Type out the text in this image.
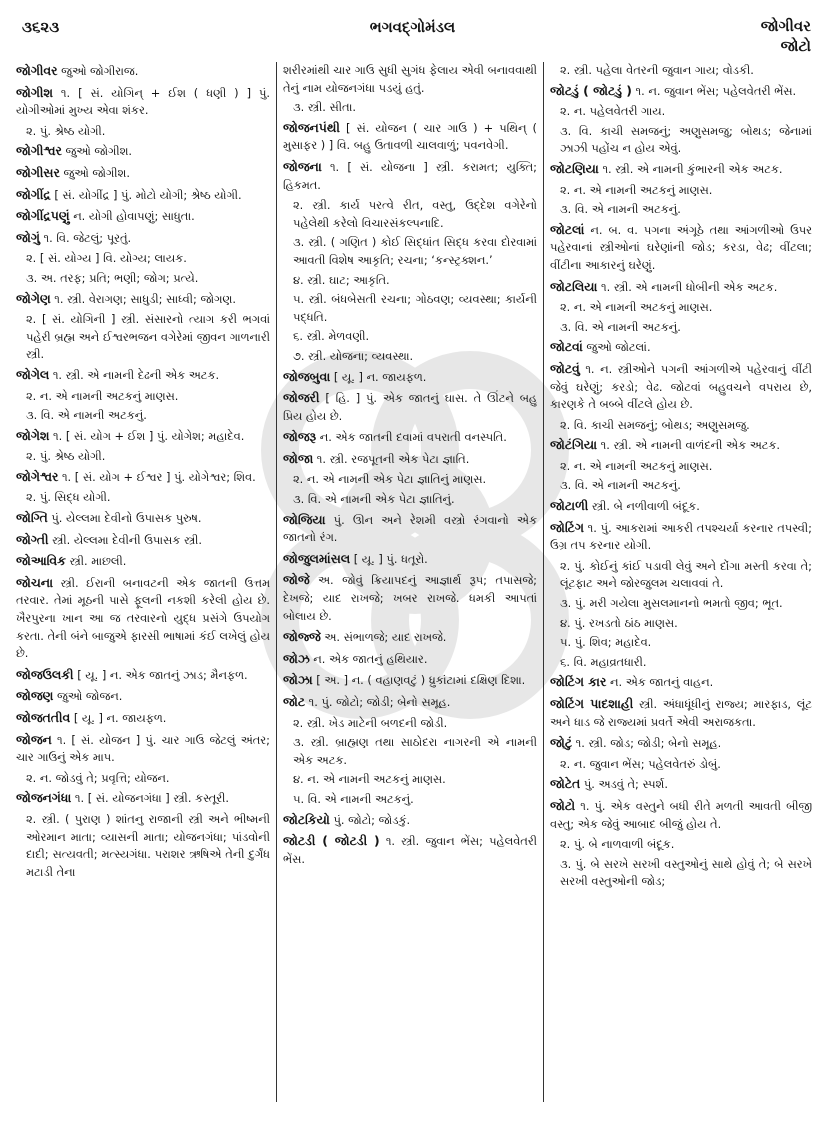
૩૬૨૩	ભગવદ્ગોમંડલ	જોગીવર
જોટો
જોગીવર જુઓ જોગીરાજ.
જોગીશ ૧. [ સં. યોગિન્ + ઈશ ( ધણી ) ] પું. યોગીઓમાં મુખ્ય એવા શંકર.
૨. પું. શ્રેષ્ઠ યોગી.
જોગીશ્વર જુઓ જોગીશ.
જોગીસર જુઓ જોગીશ.
જોગીંદ્ર [ સં. યોગીંદ્ર ] પું. મોટો યોગી; શ્રેષ્ઠ યોગી.
જોગીંદ્રપણું ન. યોગી હોવાપણું; સાધુતા.
જોગું ૧. વિ. જેટલું; પૂરતું.
૨. [ સં. યોગ્ય ] વિ. યોગ્ય; લાયક.
૩. અ. તરફ; પ્રતિ; ભણી; જોગ; પ્રત્યે.
જોગેણ ૧. સ્ત્રી. વેરાગણ; સાધુડી; સાધ્વી; જોગણ.
૨. [ સં. યોગિની ] સ્ત્રી. સંસારનો ત્યાગ કરી ભગવાં પહેરી બ્રહ્મ અને ઈશ્વરભજન વગેરેમાં જીવન ગાળનારી સ્ત્રી.
જોગેલ ૧. સ્ત્રી. એ નામની દેઢની એક અટક.
૨. ન. એ નામની અટકનું માણસ.
૩. વિ. એ નામની અટકનું.
જોગેશ ૧. [ સં. યોગ + ઈશ ] પું. યોગેશ; મહાદેવ.
૨. પું. શ્રેષ્ઠ યોગી.
જોગેશ્વર ૧. [ સં. યોગ + ઈશ્વર ] પું. યોગેશ્વર; શિવ.
૨. પું. સિદ્ધ યોગી.
જોગ્તિ પું. યેલ્લમા દેવીનો ઉપાસક પુરુષ.
જોગ્તી સ્ત્રી. યેલ્લમા દેવીની ઉપાસક સ્ત્રી.
જોઆવિક સ્ત્રી. માછલી.
જોચના સ્ત્રી. ઈરાની બનાવટની એક જાતની ઉત્તમ તરવાર. તેમાં મૂઠની પાસે ફૂલની નકશી કરેલી હોય છે. ખૈરપુરના ખાન આ જ તરવારનો યુદ્ધ પ્રસંગે ઉપયોગ કરતા. તેની બંને બાજુએ ફારસી ભાષામાં કંઈ લખેલું હોય છે.
જોજઉલકી [ યૂ. ] ન. એક જાતનું ઝાડ; મૈનફળ.
જોજણ જુઓ જોજન.
જોજતતીવ [ યૂ. ] ન. જાયફળ.
જોજન ૧. [ સં. યોજન ] પું. ચાર ગાઉ જેટલું અંતર; ચાર ગાઉનું એક માપ.
૨. ન. જોડવું તે; પ્રવૃત્તિ; યોજન.
જોજનગંધા ૧. [ સં. યોજનગંધા ] સ્ત્રી. કસ્તૂરી.
૨. સ્ત્રી. ( પુરાણ ) શાંતનુ રાજાની સ્ત્રી અને ભીષ્મની ઓરમાન માતા; વ્યાસની માતા; યોજનગંધા; પાંડવોની દાદી; સત્યવતી; મત્સ્યગંધા. પરાશર ઋષિએ તેની દુર્ગંધ મટાડી તેના
શરીરમાંથી ચાર ગાઉ સુધી સુગંધ ફેલાય એવી બનાવવાથી તેનું નામ યોજનગંધા પડયું હતું.
૩. સ્ત્રી. સીતા.
જોજનપંથી [ સં. યોજન ( ચાર ગાઉ ) + પથિન્ ( મુસાફર ) ] વિ. બહુ ઉતાવળી ચાલવાળું; પવનવેગી.
જોજના ૧. [ સં. યોજના ] સ્ત્રી. કરામત; યુક્તિ; હિકમત.
૨. સ્ત્રી. કાર્ય પરત્વે રીત, વસ્તુ, ઉદ્દેશ વગેરેનો પહેલેથી કરેલો વિચારસંકલ્પનાદિ.
૩. સ્ત્રી. ( ગણિત ) કોઈ સિદ્ધાંત સિદ્ધ કરવા દોરવામાં આવતી વિશેષ આકૃતિ; રચના; ‘કન્સ્ટ્રક્શન.’
૪. સ્ત્રી. ઘાટ; આકૃતિ.
૫. સ્ત્રી. બંધબેસતી રચના; ગોઠવણ; વ્યવસ્થા; કાર્યની પદ્ધતિ.
૬. સ્ત્રી. મેળવણી.
૭. સ્ત્રી. યોજના; વ્યવસ્થા.
જોજબુવા [ યૂ. ] ન. જાયફળ.
જોજરી [ હિ. ] પું. એક જાતનું ઘાસ. તે ઊંટને બહુ પ્રિય હોય છે.
જોજરૂ ન. એક જાતની દવામાં વપરાતી વનસ્પતિ.
જોજા ૧. સ્ત્રી. રજપૂતની એક પેટા જ્ઞાતિ.
૨. ન. એ નામની એક પેટા જ્ઞાતિનું માણસ.
૩. વિ. એ નામની એક પેટા જ્ઞાતિનું.
જોજિયા પું. ઊન અને રેશમી વસ્ત્રો રંગવાનો એક જાતનો રંગ.
જોજુલમાંસલ [ યૂ. ] પું. ધતૂરો.
જોજે અ. જોવું ક્રિયાપદનું આજ્ઞાર્થ રૂપ; તપાસજે; દેખજે; યાદ રાખજે; ખબર રાખજે. ધમકી આપતાં બોલાય છે.
જોજ્જે અ. સંભાળજે; યાદ રાખજે.
જોઝ ન. એક જાતનું હથિયાર.
જોઝા [ અ. ] ન. ( વહાણવટું ) ધ્રુકાંટામાં દક્ષિણ દિશા.
જોટ ૧. પું. જોટો; જોડી; બેનો સમૂહ.
૨. સ્ત્રી. ખેડ માટેની બળદની જોડી.
૩. સ્ત્રી. બ્રાહ્મણ તથા સાઠોદરા નાગરની એ નામની એક અટક.
૪. ન. એ નામની અટકનું માણસ.
૫. વિ. એ નામની અટકનું.
જોટકિયો પું. જોટો; જોડકું.
જોટડી ( જોટડી ) ૧. સ્ત્રી. જુવાન ભેંસ; પહેલવેતરી ભેંસ.
૨. સ્ત્રી. પહેલા વેતરની જુવાન ગાય; વોડકી.
જોટડું ( જોટડું ) ૧. ન. જુવાન ભેંસ; પહેલવેતરી ભેંસ.
૨. ન. પહેલવેતરી ગાય.
૩. વિ. કાચી સમજનું; અણુસમજુ; બોથડ; જેનામાં ઝાઝી પહોંચ ન હોય એવું.
જોટણિયા ૧. સ્ત્રી. એ નામની કુંભારની એક અટક.
૨. ન. એ નામની અટકનું માણસ.
૩. વિ. એ નામની અટકનું.
જોટલાં ન. બ. વ. પગના અંગૂઠે તથા આંગળીઓ ઉપર પહેરવાનાં સ્ત્રીઓનાં ઘરેણાંની જોડ; કરડા, વેઢ; વીંટલા; વીંટીના આકારનું ઘરેણું.
જોટલિયા ૧. સ્ત્રી. એ નામની ધોબીની એક અટક.
૨. ન. એ નામની અટકનું માણસ.
૩. વિ. એ નામની અટકનું.
જોટવાં જુઓ જોટલાં.
જોટવું ૧. ન. સ્ત્રીઓને પગની આંગળીએ પહેરવાનું વીંટી જેવું ઘરેણું; કરડો; વેઢ. જોટવાં બહુવચને વપરાય છે, કારણકે તે બબ્બે વીંટલે હોય છે.
૨. વિ. કાચી સમજનું; બોથડ; અણુસમજુ.
જોટંગિયા ૧. સ્ત્રી. એ નામની વાળંદની એક અટક.
૨. ન. એ નામની અટકનું માણસ.
૩. વિ. એ નામની અટકનું.
જોટાળી સ્ત્રી. બે નળીવાળી બંદૂક.
જોટિંગ ૧. પું. આકરામાં આકરી તપશ્ચર્યા કરનાર તપસ્વી; ઉગ્ર તપ કરનાર યોગી.
૨. પું. કોઈનું કાંઈ પડાવી લેવું અને દોંગા મસ્તી કરવા તે; લૂંટફાટ અને જોરજુલમ ચલાવવાં તે.
૩. પું. મરી ગયેલા મુસલમાનનો ભમતો જીવ; ભૂત.
૪. પું. રખડતો ઠાંઠ માણસ.
૫. પું. શિવ; મહાદેવ.
૬. વિ. મહાવ્રતધારી.
જોટિંગ કાર ન. એક જાતનું વાહન.
જોટિંગ પાદશાહી સ્ત્રી. અંધાધૂંધીનું રાજ્ય; મારફાડ, લૂંટ અને ધાડ જે રાજ્યમાં પ્રવર્તે એવી અરાજકતા.
જોટું ૧. સ્ત્રી. જોડ; જોડી; બેનો સમૂહ.
૨. ન. જુવાન ભેંસ; પહેલવેતરું ડોબું.
જોટેત પું. અડવું તે; સ્પર્શ.
જોટો ૧. પું. એક વસ્તુને બધી રીતે મળતી આવતી બીજી વસ્તુ; એક જેવું આબાદ બીજું હોય તે.
૨. પું. બે નાળવાળી બંદૂક.
૩. પું. બે સરખે સરખી વસ્તુઓનું સાથે હોવું તે; બે સરખે સરખી વસ્તુઓની જોડ;
